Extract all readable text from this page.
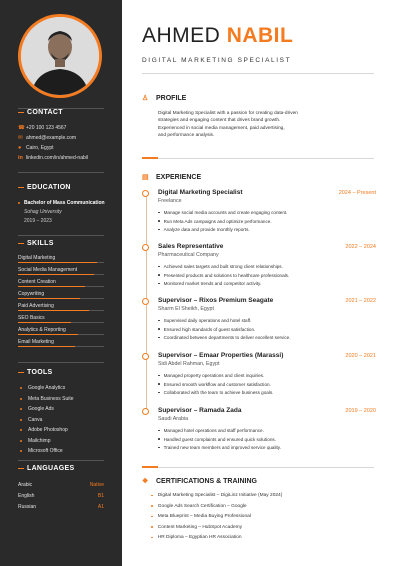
CONTACT
☎ +20 100 123 4567
✉ ahmed@example.com
● Cairo, Egypt
in linkedin.com/in/ahmed-nabil
EDUCATION
Bachelor of Mass Communication
Sohag University
2019 – 2023
SKILLS
Digital Marketing
Social Media Management
Content Creation
Copywriting
Paid Advertising
SEO Basics
Analytics & Reporting
Email Marketing
TOOLS
Google Analytics
Meta Business Suite
Google Ads
Canva
Adobe Photoshop
Mailchimp
Microsoft Office
LANGUAGES
Arabic	Native
English	B1
Russian	A1
AHMED NABIL
DIGITAL MARKETING SPECIALIST
♙	PROFILE
Digital Marketing Specialist with a passion for creating data-driven
strategies and engaging content that drives brand growth.
Experienced in social media management, paid advertising,
and performance analysis.
▤	EXPERIENCE
Digital Marketing Specialist	2024 – Present
Freelance
Manage social media accounts and create engaging content.
Run Meta Ads campaigns and optimize performance.
Analyze data and provide monthly reports.
Sales Representative	2022 – 2024
Pharmaceutical Company
Achieved sales targets and built strong client relationships.
Presented products and solutions to healthcare professionals.
Monitored market trends and competitor activity.
Supervisor – Rixos Premium Seagate	2021 – 2022
Sharm El Sheikh, Egypt
Supervised daily operations and hotel staff.
Ensured high standards of guest satisfaction.
Coordinated between departments to deliver excellent service.
Supervisor – Emaar Properties (Marassi)	2020 – 2021
Sidi Abdel Rahman, Egypt
Managed property operations and client inquiries.
Ensured smooth workflow and customer satisfaction.
Collaborated with the team to achieve business goals.
Supervisor – Ramada Zada	2019 – 2020
Saudi Arabia
Managed hotel operations and staff performance.
Handled guest complaints and ensured quick solutions.
Trained new team members and improved service quality.
❖	CERTIFICATIONS & TRAINING
Digital Marketing Specialist – DigiLinz Initiative (May 2024)
Google Ads Search Certification – Google
Meta Blueprint – Media Buying Professional
Content Marketing – HubSpot Academy
HR Diploma – Egyptian HR Association
